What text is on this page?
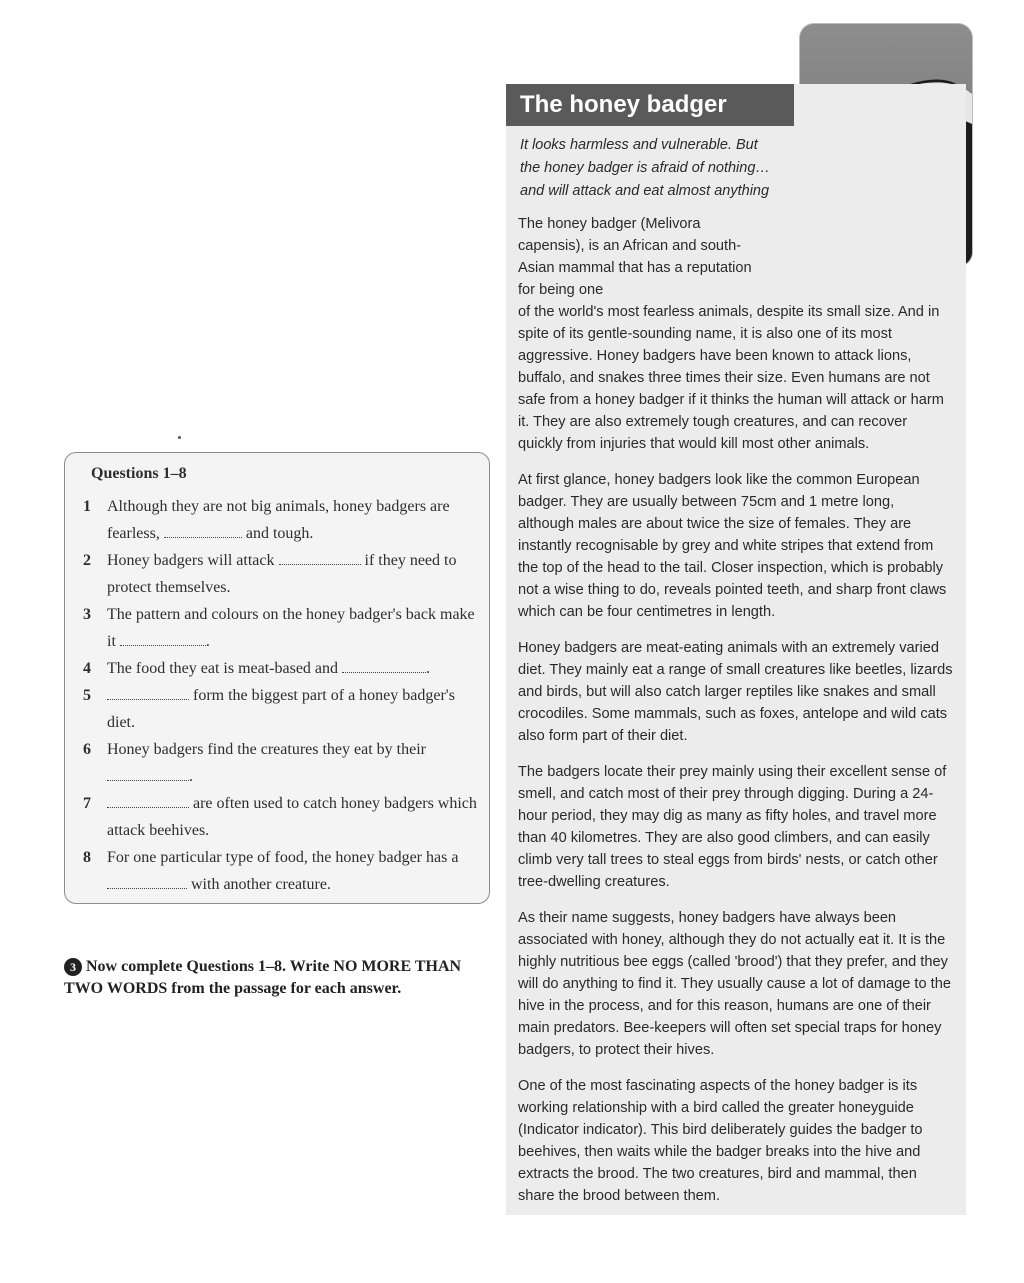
The honey badger
It looks harmless and vulnerable. But the honey badger is afraid of nothing… and will attack and eat almost anything
The honey badger (Melivora capensis), is an African and south-Asian mammal that has a reputation for being one
of the world's most fearless animals, despite its small size. And in spite of its gentle-sounding name, it is also one of its most aggressive. Honey badgers have been known to attack lions, buffalo, and snakes three times their size. Even humans are not safe from a honey badger if it thinks the human will attack or harm it. They are also extremely tough creatures, and can recover quickly from injuries that would kill most other animals.
At first glance, honey badgers look like the common European badger. They are usually between 75cm and 1 metre long, although males are about twice the size of females. They are instantly recognisable by grey and white stripes that extend from the top of the head to the tail. Closer inspection, which is probably not a wise thing to do, reveals pointed teeth, and sharp front claws which can be four centimetres in length.
Honey badgers are meat-eating animals with an extremely varied diet. They mainly eat a range of small creatures like beetles, lizards and birds, but will also catch larger reptiles like snakes and small crocodiles. Some mammals, such as foxes, antelope and wild cats also form part of their diet.
The badgers locate their prey mainly using their excellent sense of smell, and catch most of their prey through digging. During a 24-hour period, they may dig as many as fifty holes, and travel more than 40 kilometres. They are also good climbers, and can easily climb very tall trees to steal eggs from birds' nests, or catch other tree-dwelling creatures.
As their name suggests, honey badgers have always been associated with honey, although they do not actually eat it. It is the highly nutritious bee eggs (called 'brood') that they prefer, and they will do anything to find it. They usually cause a lot of damage to the hive in the process, and for this reason, humans are one of their main predators. Bee-keepers will often set special traps for honey badgers, to protect their hives.
One of the most fascinating aspects of the honey badger is its working relationship with a bird called the greater honeyguide (Indicator indicator). This bird deliberately guides the badger to beehives, then waits while the badger breaks into the hive and extracts the brood. The two creatures, bird and mammal, then share the brood between them.
Questions 1–8
1	Although they are not big animals, honey badgers are fearless,	and tough.
2	Honey badgers will attack	if they need to protect themselves.
3	The pattern and colours on the honey badger's back make it	.
4	The food they eat is meat-based and	.
5	form the biggest part of a honey badger's diet.
6	Honey badgers find the creatures they eat by their .
7	are often used to catch honey badgers which attack beehives.
8	For one particular type of food, the honey badger has a  with another creature.
3 Now complete Questions 1–8. Write NO MORE THAN TWO WORDS from the passage for each answer.
